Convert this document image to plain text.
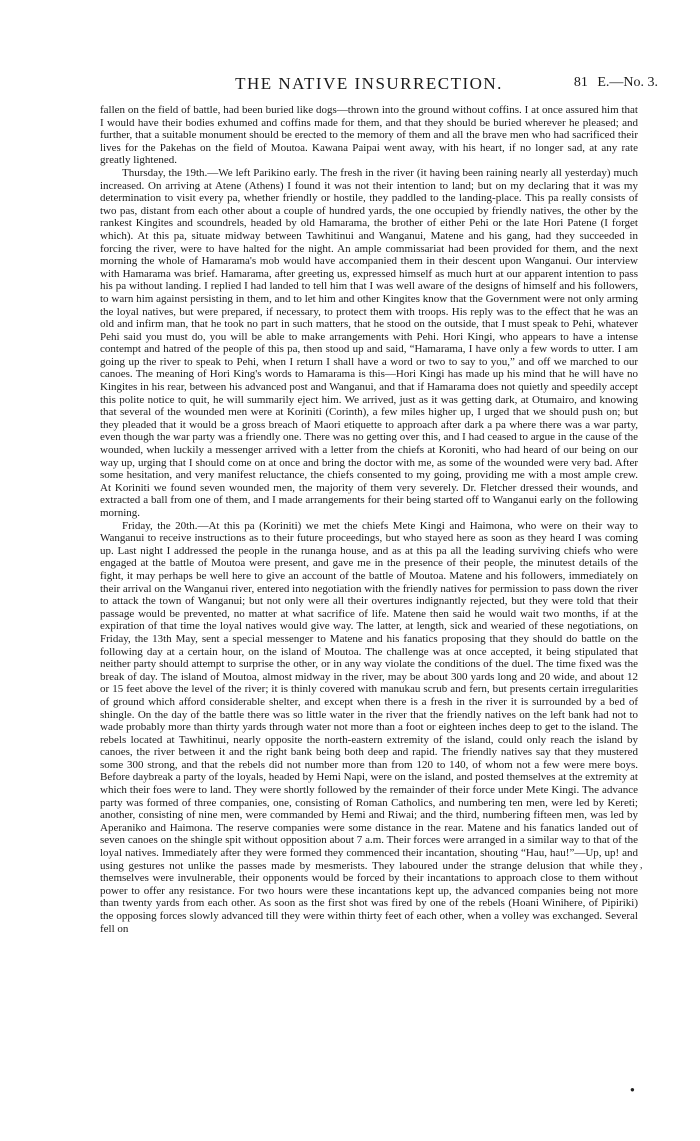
THE NATIVE INSURRECTION.	81 E.—No. 3.

fallen on the field of battle, had been buried like dogs—thrown into the ground without coffins. I at once assured him that I would have their bodies exhumed and coffins made for them, and that they should be buried wherever he pleased; and further, that a suitable monument should be erected to the memory of them and all the brave men who had sacrificed their lives for the Pakehas on the field of Moutoa. Kawana Paipai went away, with his heart, if no longer sad, at any rate greatly lightened.

Thursday, the 19th.—We left Parikino early. The fresh in the river (it having been raining nearly all yesterday) much increased. On arriving at Atene (Athens) I found it was not their intention to land; but on my declaring that it was my determination to visit every pa, whether friendly or hostile, they paddled to the landing-place. This pa really consists of two pas, distant from each other about a couple of hundred yards, the one occupied by friendly natives, the other by the rankest Kingites and scoundrels, headed by old Hamarama, the brother of either Pehi or the late Hori Patene (I forget which). At this pa, situate midway between Tawhitinui and Wanganui, Matene and his gang, had they succeeded in forcing the river, were to have halted for the night. An ample commissariat had been provided for them, and the next morning the whole of Hamarama's mob would have accompanied them in their descent upon Wanganui. Our interview with Hamarama was brief. Hamarama, after greeting us, expressed himself as much hurt at our apparent intention to pass his pa without landing. I replied I had landed to tell him that I was well aware of the designs of himself and his followers, to warn him against persisting in them, and to let him and other Kingites know that the Government were not only arming the loyal natives, but were prepared, if necessary, to protect them with troops. His reply was to the effect that he was an old and infirm man, that he took no part in such matters, that he stood on the outside, that I must speak to Pehi, whatever Pehi said you must do, you will be able to make arrangements with Pehi. Hori Kingi, who appears to have a intense contempt and hatred of the people of this pa, then stood up and said, “Hamarama, I have only a few words to utter. I am going up the river to speak to Pehi, when I return I shall have a word or two to say to you,” and off we marched to our canoes. The meaning of Hori King's words to Hamarama is this—Hori Kingi has made up his mind that he will have no Kingites in his rear, between his advanced post and Wanganui, and that if Hamarama does not quietly and speedily accept this polite notice to quit, he will summarily eject him. We arrived, just as it was getting dark, at Otumairo, and knowing that several of the wounded men were at Koriniti (Corinth), a few miles higher up, I urged that we should push on; but they pleaded that it would be a gross breach of Maori etiquette to approach after dark a pa where there was a war party, even though the war party was a friendly one. There was no getting over this, and I had ceased to argue in the cause of the wounded, when luckily a messenger arrived with a letter from the chiefs at Koroniti, who had heard of our being on our way up, urging that I should come on at once and bring the doctor with me, as some of the wounded were very bad. After some hesitation, and very manifest reluctance, the chiefs consented to my going, providing me with a most ample crew. At Koriniti we found seven wounded men, the majority of them very severely. Dr. Fletcher dressed their wounds, and extracted a ball from one of them, and I made arrangements for their being started off to Wanganui early on the following morning.

Friday, the 20th.—At this pa (Koriniti) we met the chiefs Mete Kingi and Haimona, who were on their way to Wanganui to receive instructions as to their future proceedings, but who stayed here as soon as they heard I was coming up. Last night I addressed the people in the runanga house, and as at this pa all the leading surviving chiefs who were engaged at the battle of Moutoa were present, and gave me in the presence of their people, the minutest details of the fight, it may perhaps be well here to give an account of the battle of Moutoa. Matene and his followers, immediately on their arrival on the Wanganui river, entered into negotiation with the friendly natives for permission to pass down the river to attack the town of Wanganui; but not only were all their overtures indignantly rejected, but they were told that their passage would be prevented, no matter at what sacrifice of life. Matene then said he would wait two months, if at the expiration of that time the loyal natives would give way. The latter, at length, sick and wearied of these negotiations, on Friday, the 13th May, sent a special messenger to Matene and his fanatics proposing that they should do battle on the following day at a certain hour, on the island of Moutoa. The challenge was at once accepted, it being stipulated that neither party should attempt to surprise the other, or in any way violate the conditions of the duel. The time fixed was the break of day. The island of Moutoa, almost midway in the river, may be about 300 yards long and 20 wide, and about 12 or 15 feet above the level of the river; it is thinly covered with manukau scrub and fern, but presents certain irregularities of ground which afford considerable shelter, and except when there is a fresh in the river it is surrounded by a bed of shingle. On the day of the battle there was so little water in the river that the friendly natives on the left bank had not to wade probably more than thirty yards through water not more than a foot or eighteen inches deep to get to the island. The rebels located at Tawhitinui, nearly opposite the north-eastern extremity of the island, could only reach the island by canoes, the river between it and the right bank being both deep and rapid. The friendly natives say that they mustered some 300 strong, and that the rebels did not number more than from 120 to 140, of whom not a few were mere boys. Before daybreak a party of the loyals, headed by Hemi Napi, were on the island, and posted themselves at the extremity at which their foes were to land. They were shortly followed by the remainder of their force under Mete Kingi. The advance party was formed of three companies, one, consisting of Roman Catholics, and numbering ten men, were led by Kereti; another, consisting of nine men, were commanded by Hemi and Riwai; and the third, numbering fifteen men, was led by Aperaniko and Haimona. The reserve companies were some distance in the rear. Matene and his fanatics landed out of seven canoes on the shingle spit without opposition about 7 a.m. Their forces were arranged in a similar way to that of the loyal natives. Immediately after they were formed they commenced their incantation, shouting “Hau, hau!”—Up, up! and using gestures not unlike the passes made by mesmerists. They laboured under the strange delusion that while they themselves were invulnerable, their opponents would be forced by their incantations to approach close to them without power to offer any resistance. For two hours were these incantations kept up, the advanced companies being not more than twenty yards from each other. As soon as the first shot was fired by one of the rebels (Hoani Winihere, of Pipiriki) the opposing forces slowly advanced till they were within thirty feet of each other, when a volley was exchanged. Several fell on

,
●
